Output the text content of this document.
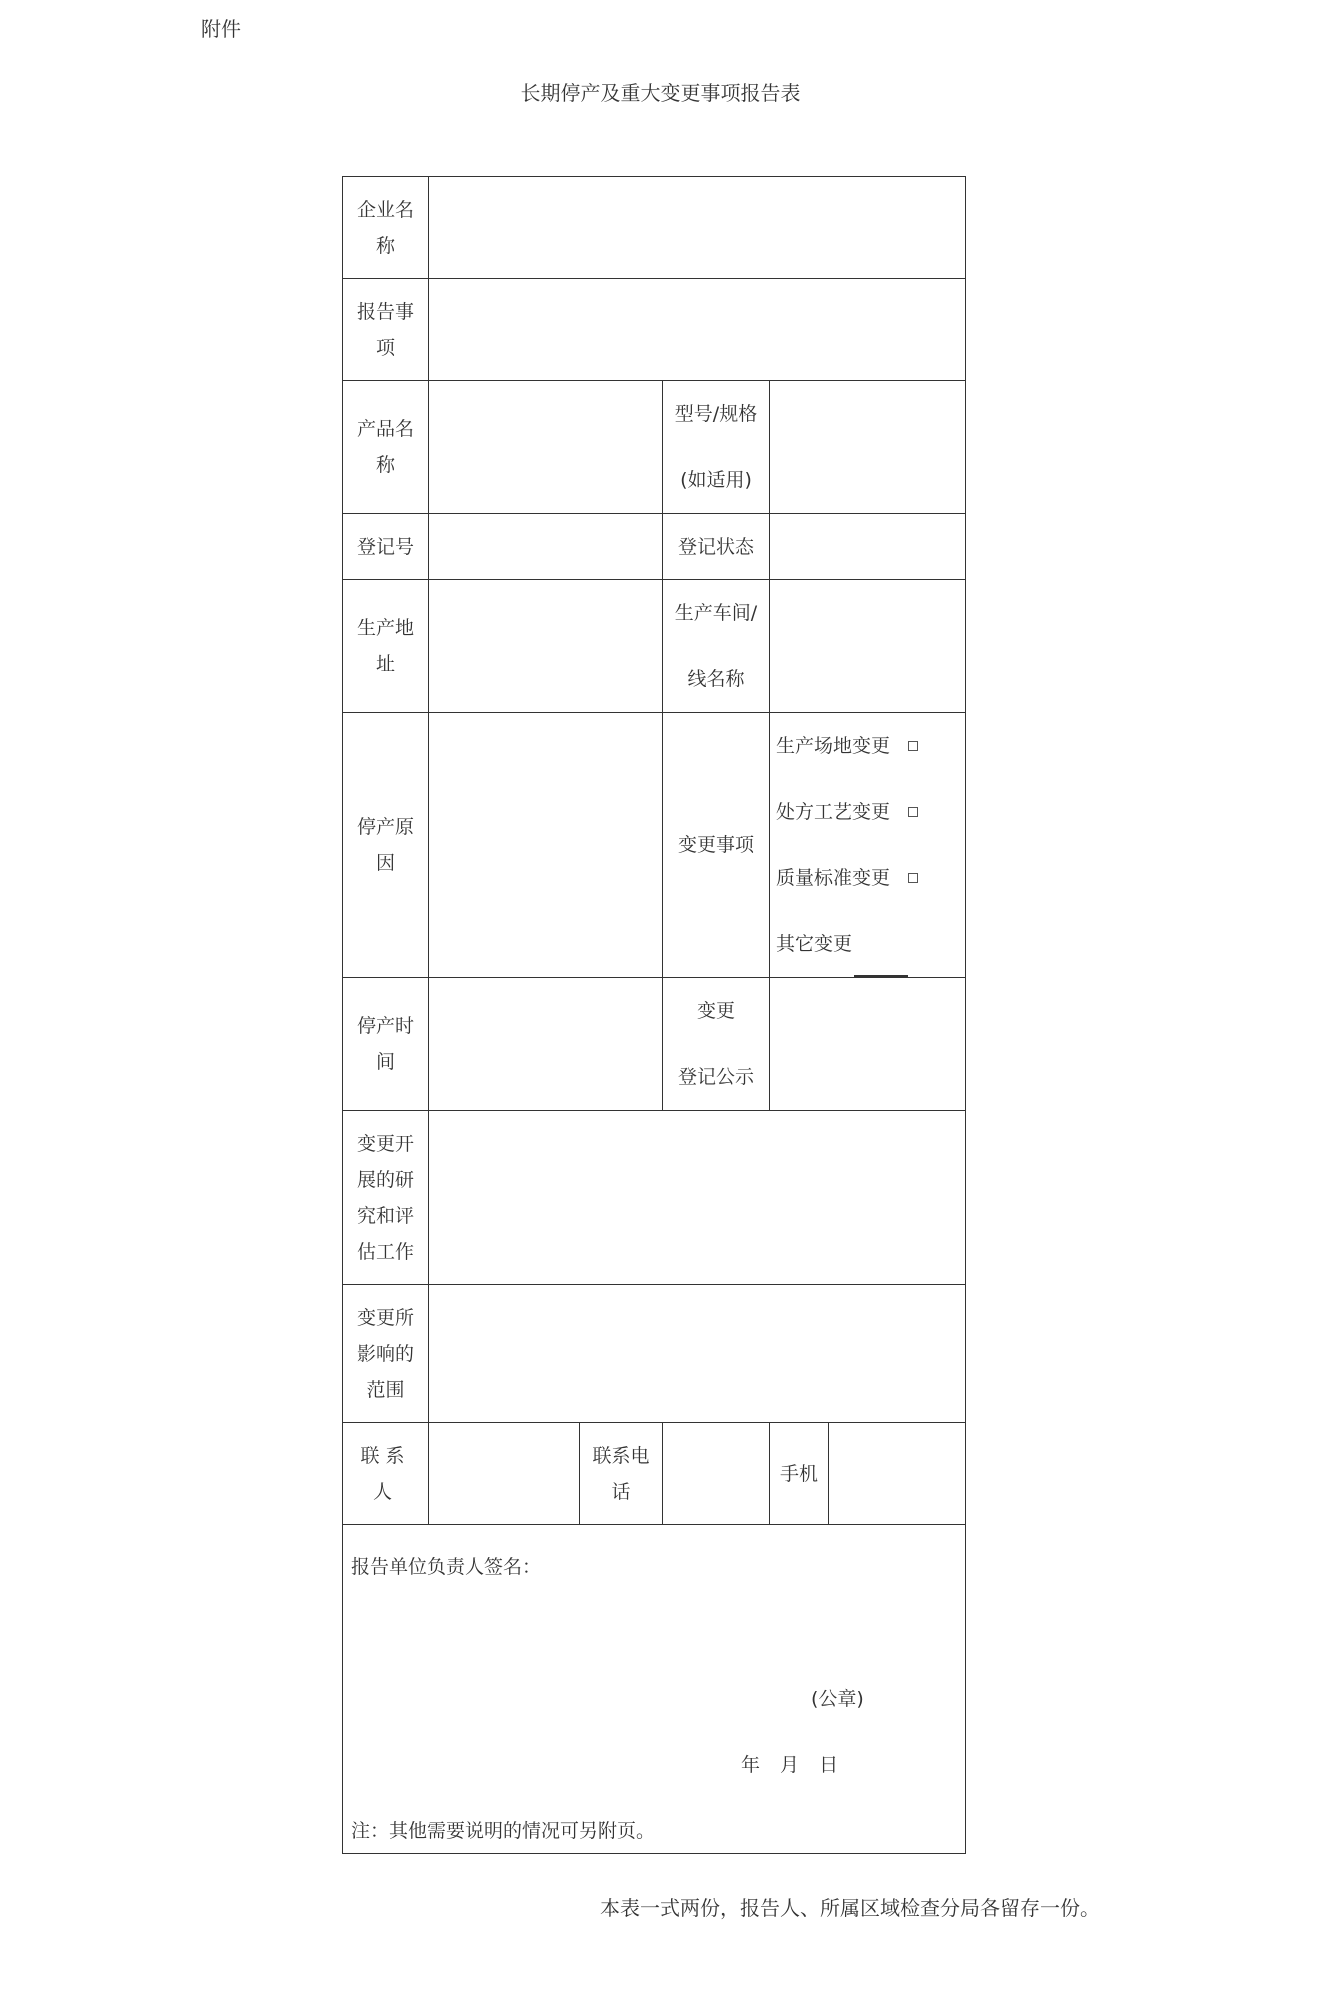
附件
长期停产及重大变更事项报告表
企业名称					
报告事项					
产品名称			型号/规格
(如适用)		

登记号			登记状态		
生产地址			生产车间/
线名称		

停产原因			变更事项	生产场地变更
处方工艺变更
质量标准变更
其它变更	

停产时间			变更
登记公示		

变更开展的研究和评估工作					
变更所影响的范围					
联系人		联系电话		手机	

报告单位负责人签名：
(公章)
年 月 日
注：其他需要说明的情况可另附页。					
本表一式两份，报告人、所属区域检查分局各留存一份。
